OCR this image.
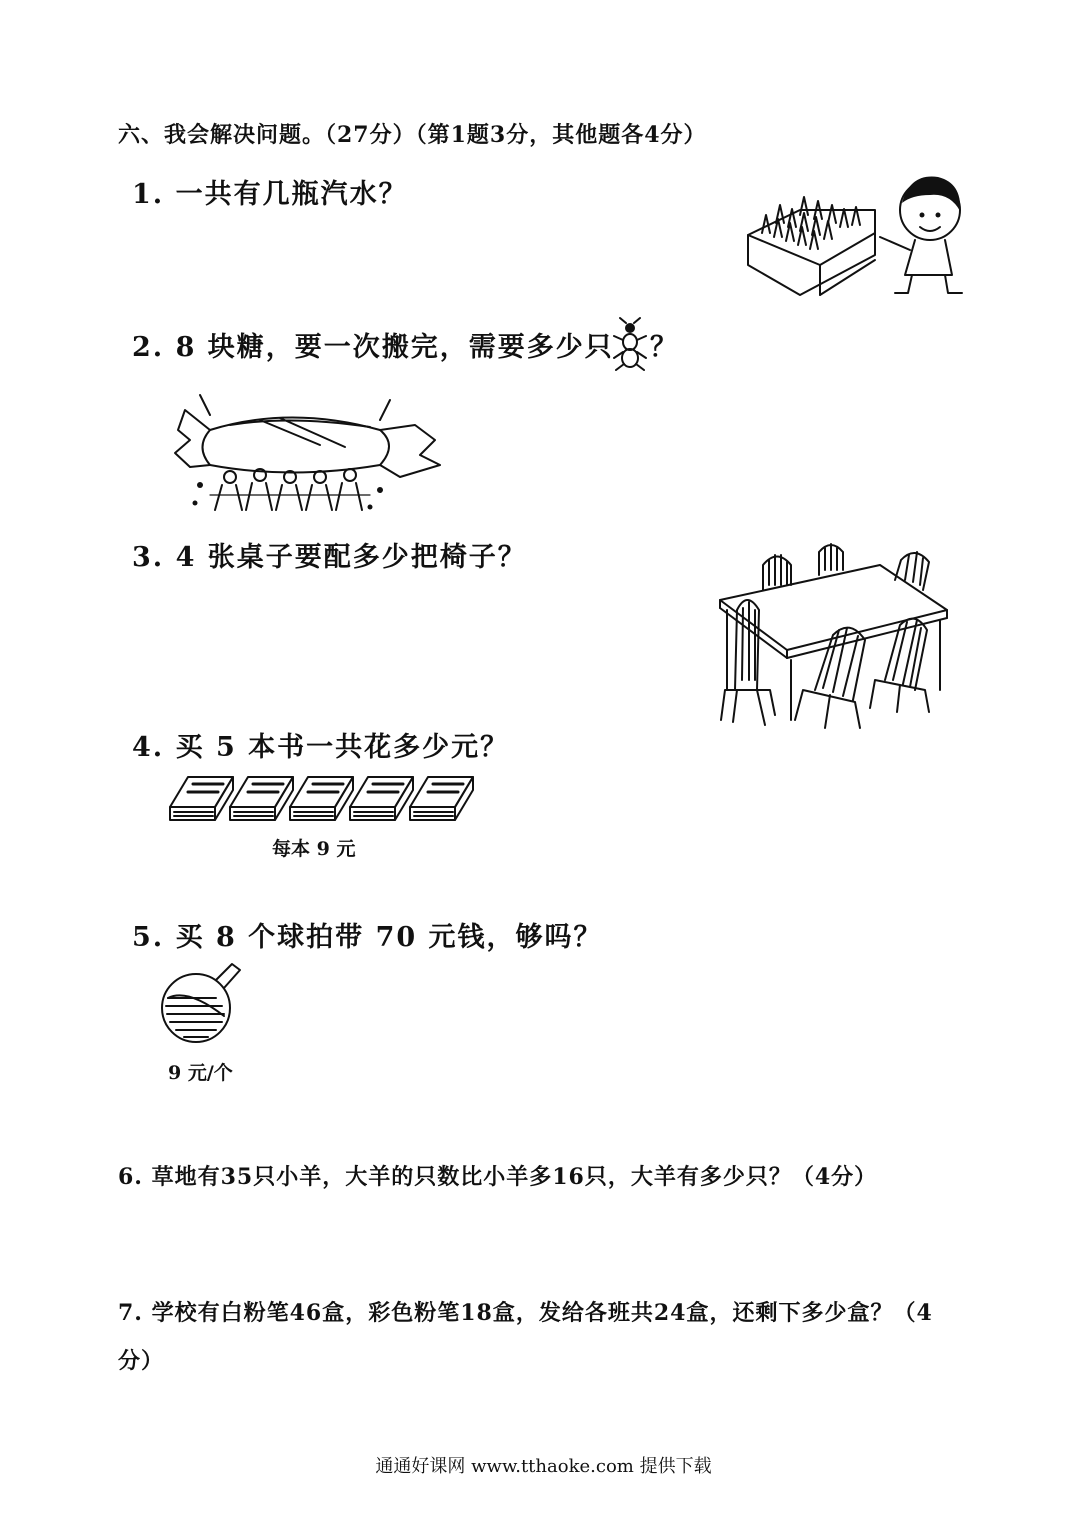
六、我会解决问题。（27分）（第1题3分，其他题各4分）
1. 一共有几瓶汽水？
2. 8 块糖，要一次搬完，需要多少只 ？
3. 4 张桌子要配多少把椅子？
4. 买 5 本书一共花多少元？
每本 9 元
5. 买 8 个球拍带 70 元钱，够吗？
9 元/个
6. 草地有35只小羊，大羊的只数比小羊多16只，大羊有多少只？（4分）
7. 学校有白粉笔46盒，彩色粉笔18盒，发给各班共24盒，还剩下多少盒？（4
分）
通通好课网 www.tthaoke.com 提供下载
